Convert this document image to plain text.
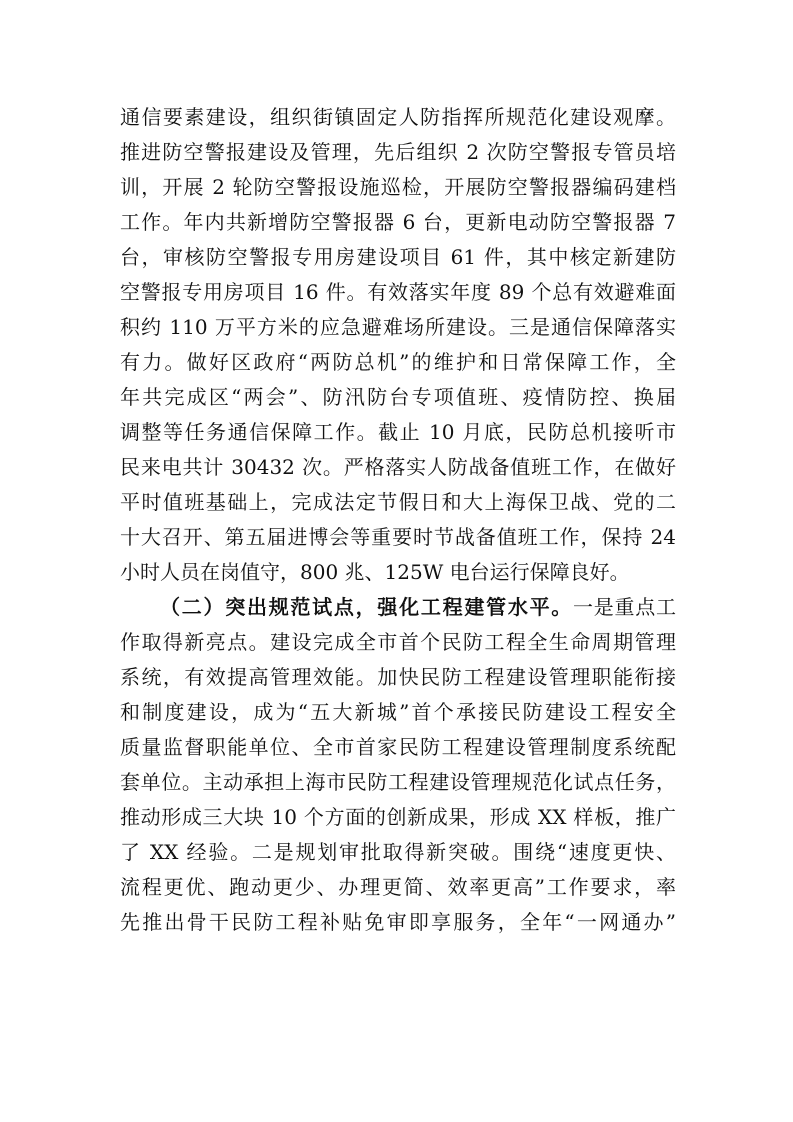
通信要素建设，组织街镇固定人防指挥所规范化建设观摩。
推进防空警报建设及管理，先后组织 2 次防空警报专管员培
训，开展 2 轮防空警报设施巡检，开展防空警报器编码建档
工作。年内共新增防空警报器 6 台，更新电动防空警报器 7
台，审核防空警报专用房建设项目 61 件，其中核定新建防
空警报专用房项目 16 件。有效落实年度 89 个总有效避难面
积约 110 万平方米的应急避难场所建设。三是通信保障落实
有力。做好区政府“两防总机”的维护和日常保障工作，全
年共完成区“两会”、防汛防台专项值班、疫情防控、换届
调整等任务通信保障工作。截止 10 月底，民防总机接听市
民来电共计 30432 次。严格落实人防战备值班工作，在做好
平时值班基础上，完成法定节假日和大上海保卫战、党的二
十大召开、第五届进博会等重要时节战备值班工作，保持 24
小时人员在岗值守，800 兆、125W 电台运行保障良好。
（二）突出规范试点，强化工程建管水平。一是重点工
作取得新亮点。建设完成全市首个民防工程全生命周期管理
系统，有效提高管理效能。加快民防工程建设管理职能衔接
和制度建设，成为“五大新城”首个承接民防建设工程安全
质量监督职能单位、全市首家民防工程建设管理制度系统配
套单位。主动承担上海市民防工程建设管理规范化试点任务，
推动形成三大块 10 个方面的创新成果，形成 XX 样板，推广
了 XX 经验。二是规划审批取得新突破。围绕“速度更快、
流程更优、跑动更少、办理更简、效率更高”工作要求，率
先推出骨干民防工程补贴免审即享服务，全年“一网通办”
